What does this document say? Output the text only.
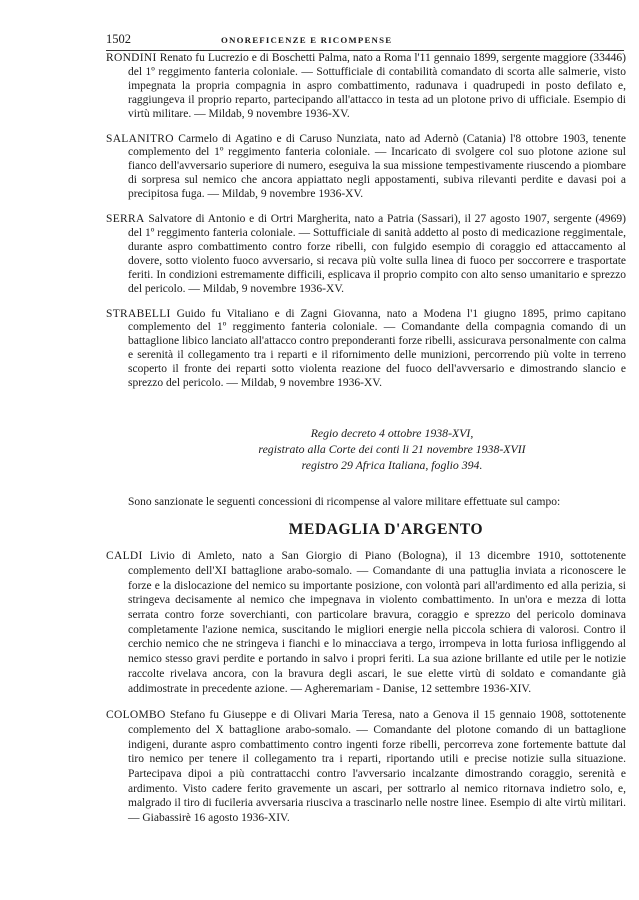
1502	ONOREFICENZE E RICOMPENSE

RONDINI Renato fu Lucrezio e di Boschetti Palma, nato a Roma l'11 gennaio 1899, sergente maggiore (33446) del 1º reggimento fanteria coloniale. — Sottufficiale di contabilità comandato di scorta alle salmerie, visto impegnata la propria compagnia in aspro combattimento, radunava i quadrupedi in posto defilato e, raggiungeva il proprio reparto, partecipando all'attacco in testa ad un plotone privo di ufficiale. Esempio di virtù militare. — Mildab, 9 novembre 1936-XV.

SALANITRO Carmelo di Agatino e di Caruso Nunziata, nato ad Adernò (Catania) l'8 ottobre 1903, tenente complemento del 1º reggimento fanteria coloniale. — Incaricato di svolgere col suo plotone azione sul fianco dell'avversario superiore di numero, eseguiva la sua missione tempestivamente riuscendo a piombare di sorpresa sul nemico che ancora appiattato negli appostamenti, subiva rilevanti perdite e davasi poi a precipitosa fuga. — Mildab, 9 novembre 1936-XV.

SERRA Salvatore di Antonio e di Ortri Margherita, nato a Patria (Sassari), il 27 agosto 1907, sergente (4969) del 1º reggimento fanteria coloniale. — Sottufficiale di sanità addetto al posto di medicazione reggimentale, durante aspro combattimento contro forze ribelli, con fulgido esempio di coraggio ed attaccamento al dovere, sotto violento fuoco avversario, si recava più volte sulla linea di fuoco per soccorrere e trasportate feriti. In condizioni estremamente difficili, esplicava il proprio compito con alto senso umanitario e sprezzo del pericolo. — Mildab, 9 novembre 1936-XV.

STRABELLI Guido fu Vitaliano e di Zagni Giovanna, nato a Modena l'1 giugno 1895, primo capitano complemento del 1º reggimento fanteria coloniale. — Comandante della compagnia comando di un battaglione libico lanciato all'attacco contro preponderanti forze ribelli, assicurava personalmente con calma e serenità il collegamento tra i reparti e il rifornimento delle munizioni, percorrendo più volte in terreno scoperto il fronte dei reparti sotto violenta reazione del fuoco dell'avversario e dimostrando slancio e sprezzo del pericolo. — Mildab, 9 novembre 1936-XV.

Regio decreto 4 ottobre 1938-XVI,
registrato alla Corte dei conti li 21 novembre 1938-XVII
registro 29 Africa Italiana, foglio 394.

Sono sanzionate le seguenti concessioni di ricompense al valore militare effettuate sul campo:

MEDAGLIA D'ARGENTO

CALDI Livio di Amleto, nato a San Giorgio di Piano (Bologna), il 13 dicembre 1910, sottotenente complemento dell'XI battaglione arabo-somalo. — Comandante di una pattuglia inviata a riconoscere le forze e la dislocazione del nemico su importante posizione, con volontà pari all'ardimento ed alla perizia, si stringeva decisamente al nemico che impegnava in violento combattimento. In un'ora e mezza di lotta serrata contro forze soverchianti, con particolare bravura, coraggio e sprezzo del pericolo dominava completamente l'azione nemica, suscitando le migliori energie nella piccola schiera di valorosi. Contro il cerchio nemico che ne stringeva i fianchi e lo minacciava a tergo, irrompeva in lotta furiosa infliggendo al nemico stesso gravi perdite e portando in salvo i propri feriti. La sua azione brillante ed utile per le notizie raccolte rivelava ancora, con la bravura degli ascari, le sue elette virtù di soldato e comandante già addimostrate in precedente azione. — Agheremariam - Danise, 12 settembre 1936-XIV.

COLOMBO Stefano fu Giuseppe e di Olivari Maria Teresa, nato a Genova il 15 gennaio 1908, sottotenente complemento del X battaglione arabo-somalo. — Comandante del plotone comando di un battaglione indigeni, durante aspro combattimento contro ingenti forze ribelli, percorreva zone fortemente battute dal tiro nemico per tenere il collegamento tra i reparti, riportando utili e precise notizie sulla situazione. Partecipava dipoi a più contrattacchi contro l'avversario incalzante dimostrando coraggio, serenità e ardimento. Visto cadere ferito gravemente un ascari, per sottrarlo al nemico ritornava indietro solo, e, malgrado il tiro di fucileria avversaria riusciva a trascinarlo nelle nostre linee. Esempio di alte virtù militari. — Giabassirè 16 agosto 1936-XIV.
